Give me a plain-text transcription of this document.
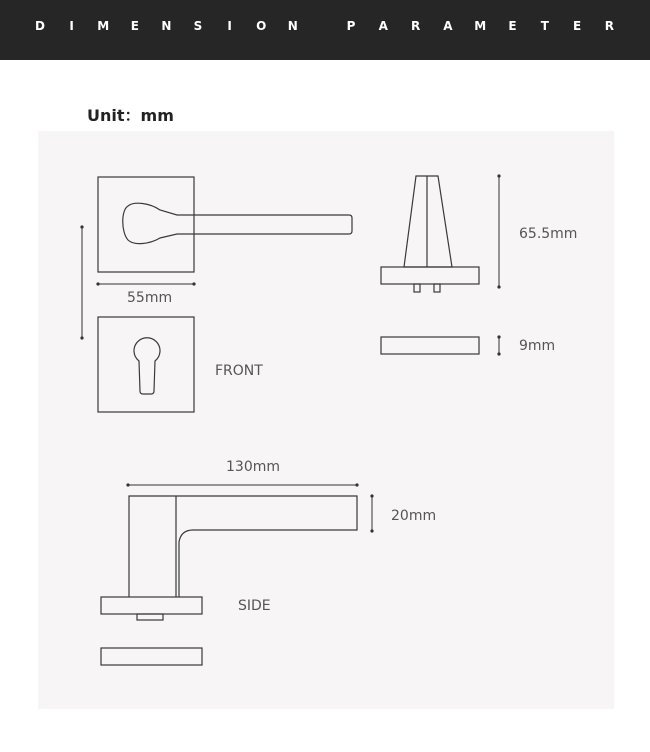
D I M E N S I O N	P A R A M E T E R
Unit：mm
55mm
FRONT
65.5mm
9mm
130mm
20mm
SIDE
